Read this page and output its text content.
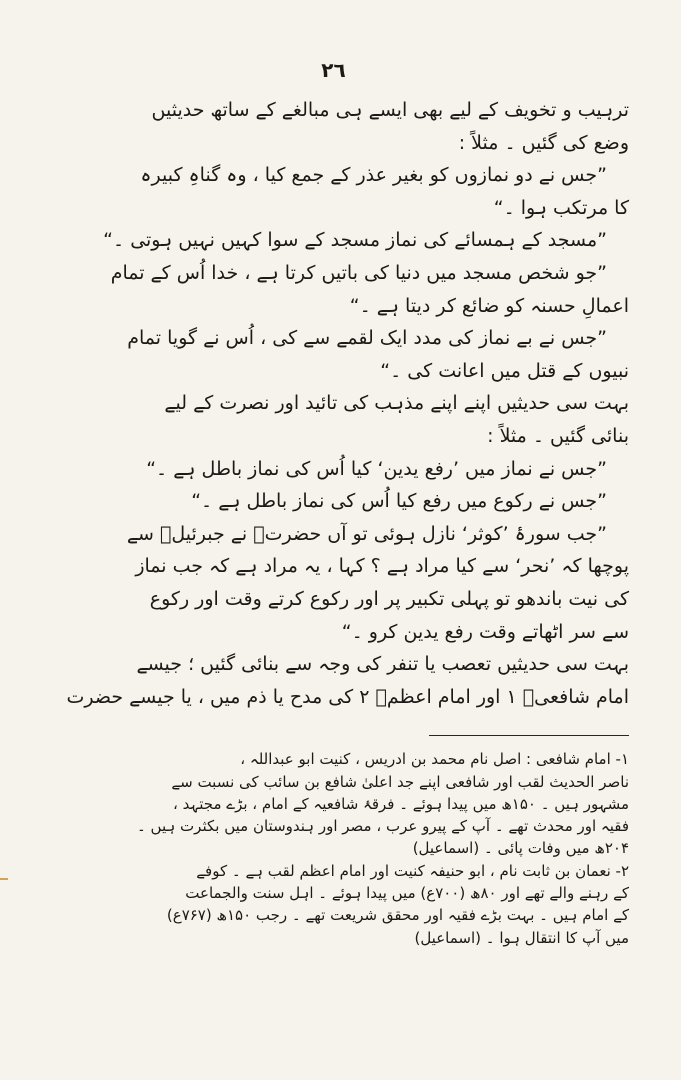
٢٦
ترہیب و تخویف کے لیے بھی ایسے ہی مبالغے کے ساتھ حدیثیں
وضع کی گئیں ۔ مثلاً :
”جس نے دو نمازوں کو بغیر عذر کے جمع کیا ، وہ گناہِ کبیرہ
کا مرتکب ہوا ۔“
”مسجد کے ہمسائے کی نماز مسجد کے سوا کہیں نہیں ہوتی ۔“
”جو شخص مسجد میں دنیا کی باتیں کرتا ہے ، خدا اُس کے تمام
اعمالِ حسنہ کو ضائع کر دیتا ہے ۔“
”جس نے بے نماز کی مدد ایک لقمے سے کی ، اُس نے گویا تمام
نبیوں کے قتل میں اعانت کی ۔“
بہت سی حدیثیں اپنے اپنے مذہب کی تائید اور نصرت کے لیے
بنائی گئیں ۔ مثلاً :
”جس نے نماز میں ’رفع یدین‘ کیا اُس کی نماز باطل ہے ۔“
”جس نے رکوع میں رفع کیا اُس کی نماز باطل ہے ۔“
”جب سورۂ ’کوثر‘ نازل ہوئی تو آں حضرتؐ نے جبرئیلؑ سے
پوچھا کہ ’نحر‘ سے کیا مراد ہے ؟ کہا ، یہ مراد ہے کہ جب نماز
کی نیت باندھو تو پہلی تکبیر پر اور رکوع کرتے وقت اور رکوع
سے سر اٹھاتے وقت رفع یدین کرو ۔“
بہت سی حدیثیں تعصب یا تنفر کی وجہ سے بنائی گئیں ؛ جیسے
امام شافعیؒ ۱ اور امام اعظمؒ ۲ کی مدح یا ذم میں ، یا جیسے حضرت
۱- امام شافعی : اصل نام محمد بن ادریس ، کنیت ابو عبداللہ ،
ناصر الحدیث لقب اور شافعی اپنے جد اعلیٰ شافع بن سائب کی نسبت سے
مشہور ہیں ۔ ۱۵۰ھ میں پیدا ہوئے ۔ فرقۂ شافعیہ کے امام ، بڑے مجتہد ،
فقیہ اور محدث تھے ۔ آپ کے پیرو عرب ، مصر اور ہندوستان میں بکثرت ہیں ۔
۲۰۴ھ میں وفات پائی ۔ (اسماعیل)
۲- نعمان بن ثابت نام ، ابو حنیفہ کنیت اور امام اعظم لقب ہے ۔ کوفے
کے رہنے والے تھے اور ۸۰ھ (۷۰۰ع) میں پیدا ہوئے ۔ اہل سنت والجماعت
کے امام ہیں ۔ بہت بڑے فقیہ اور محقق شریعت تھے ۔ رجب ۱۵۰ھ (۷۶۷ع)
میں آپ کا انتقال ہوا ۔ (اسماعیل)
